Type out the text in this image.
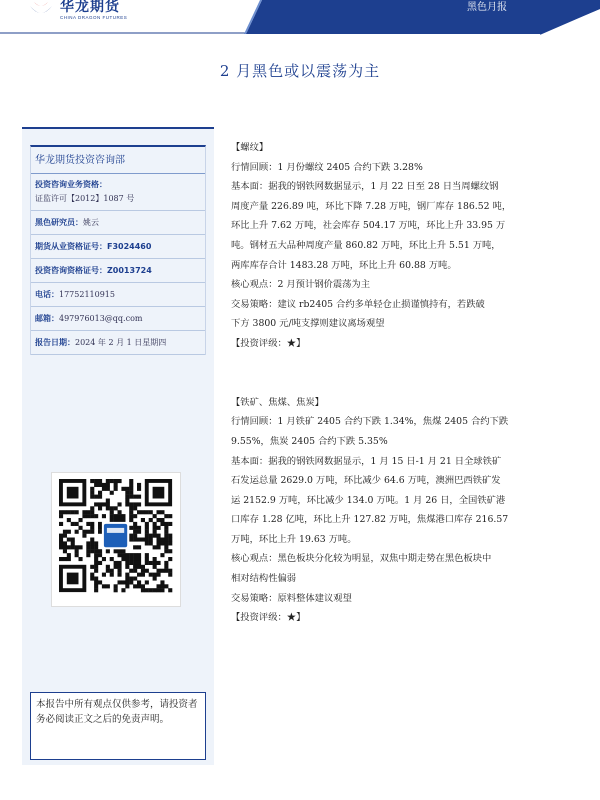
华龙期货
CHINA DRAGON FUTURES
黑色月报
2 月黑色或以震荡为主
华龙期货投资咨询部
投资咨询业务资格：
证监许可【2012】1087 号
黑色研究员：姚云
期货从业资格证号：F3024460
投资咨询资格证号：Z0013724
电话：17752110915
邮箱：497976013@qq.com
报告日期：2024 年 2 月 1 日星期四
本报告中所有观点仅供参考，请投资者务必阅读正文之后的免责声明。
【螺纹】
行情回顾：1 月份螺纹 2405 合约下跌 3.28%
基本面：据我的钢铁网数据显示，1 月 22 日至 28 日当周螺纹钢
周度产量 226.89 吨，环比下降 7.28 万吨，钢厂库存 186.52 吨，
环比上升 7.62 万吨，社会库存 504.17 万吨，环比上升 33.95 万
吨。钢材五大品种周度产量 860.82 万吨，环比上升 5.51 万吨，
两库库存合计 1483.28 万吨，环比上升 60.88 万吨。
核心观点：2 月预计钢价震荡为主
交易策略：建议 rb2405 合约多单轻仓止损谨慎持有，若跌破
下方 3800 元/吨支撑则建议离场观望
【投资评级：★】
【铁矿、焦煤、焦炭】
行情回顾：1 月铁矿 2405 合约下跌 1.34%，焦煤 2405 合约下跌
9.55%，焦炭 2405 合约下跌 5.35%
基本面：据我的钢铁网数据显示，1 月 15 日-1 月 21 日全球铁矿
石发运总量 2629.0 万吨，环比减少 64.6 万吨，澳洲巴西铁矿发
运 2152.9 万吨，环比减少 134.0 万吨。1 月 26 日，全国铁矿港
口库存 1.28 亿吨，环比上升 127.82 万吨，焦煤港口库存 216.57
万吨，环比上升 19.63 万吨。
核心观点：黑色板块分化较为明显，双焦中期走势在黑色板块中
相对结构性偏弱
交易策略：原料整体建议观望
【投资评级：★】
